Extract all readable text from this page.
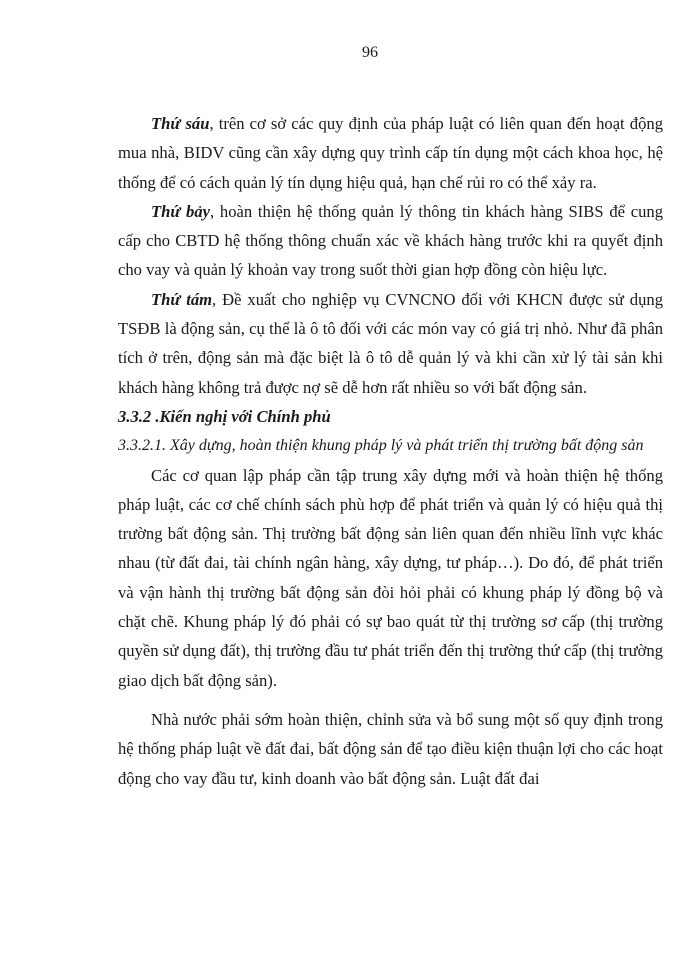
96

Thứ sáu, trên cơ sở các quy định của pháp luật có liên quan đến hoạt động mua nhà, BIDV cũng cần xây dựng quy trình cấp tín dụng một cách khoa học, hệ thống để có cách quản lý tín dụng hiệu quả, hạn chế rủi ro có thể xảy ra.

Thứ bảy, hoàn thiện hệ thống quản lý thông tin khách hàng SIBS để cung cấp cho CBTD hệ thống thông chuẩn xác về khách hàng trước khi ra quyết định cho vay và quản lý khoản vay trong suốt thời gian hợp đồng còn hiệu lực.

Thứ tám, Đề xuất cho nghiệp vụ CVNCNO đối với KHCN được sử dụng TSĐB là động sản, cụ thể là ô tô đối với các món vay có giá trị nhỏ. Như đã phân tích ở trên, động sản mà đặc biệt là ô tô dễ quản lý và khi cần xử lý tài sản khi khách hàng không trả được nợ sẽ dễ hơn rất nhiều so với bất động sản.

3.3.2 .Kiến nghị với Chính phủ

3.3.2.1. Xây dựng, hoàn thiện khung pháp lý và phát triển thị trường bất động sản

Các cơ quan lập pháp cần tập trung xây dựng mới và hoàn thiện hệ thống pháp luật, các cơ chế chính sách phù hợp để phát triển và quản lý có hiệu quả thị trường bất động sản. Thị trường bất động sản liên quan đến nhiều lĩnh vực khác nhau (từ đất đai, tài chính ngân hàng, xây dựng, tư pháp…). Do đó, để phát triển và vận hành thị trường bất động sản đòi hỏi phải có khung pháp lý đồng bộ và chặt chẽ. Khung pháp lý đó phải có sự bao quát từ thị trường sơ cấp (thị trường quyền sử dụng đất), thị trường đầu tư phát triển đến thị trường thứ cấp (thị trường giao dịch bất động sản).

Nhà nước phải sớm hoàn thiện, chỉnh sửa và bổ sung một số quy định trong hệ thống pháp luật về đất đai, bất động sản để tạo điều kiện thuận lợi cho các hoạt động cho vay đầu tư, kinh doanh vào bất động sản. Luật đất đai
